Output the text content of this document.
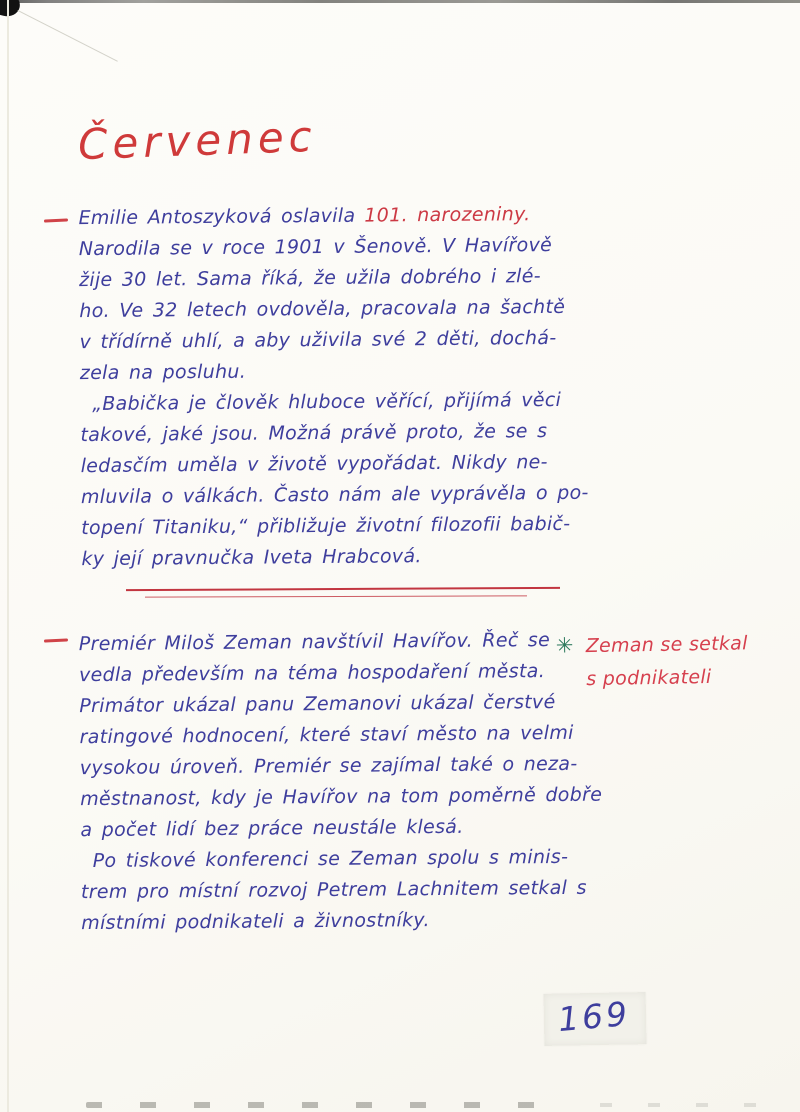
Červenec
Emilie Antoszyková oslavila 101. narozeniny.
Narodila se v roce 1901 v Šenově. V Havířově
žije 30 let. Sama říká, že užila dobrého i zlé-
ho. Ve 32 letech ovdověla, pracovala na šachtě
v třídírně uhlí, a aby uživila své 2 děti, dochá-
zela na posluhu.
„Babička je člověk hluboce věřící, přijímá věci
takové, jaké jsou. Možná právě proto, že se s
ledasčím uměla v životě vypořádat. Nikdy ne-
mluvila o válkách. Často nám ale vyprávěla o po-
topení Titaniku,“ přibližuje životní filozofii babič-
ky její pravnučka Iveta Hrabcová.
Premiér Miloš Zeman navštívil Havířov. Řeč se
vedla především na téma hospodaření města.
Primátor ukázal panu Zemanovi ukázal čerstvé
ratingové hodnocení, které staví město na velmi
vysokou úroveň. Premiér se zajímal také o neza-
městnanost, kdy je Havířov na tom poměrně dobře
a počet lidí bez práce neustále klesá.
Po tiskové konferenci se Zeman spolu s minis-
trem pro místní rozvoj Petrem Lachnitem setkal s
místními podnikateli a živnostníky.
✳ Zeman se setkal
s podnikateli
169
